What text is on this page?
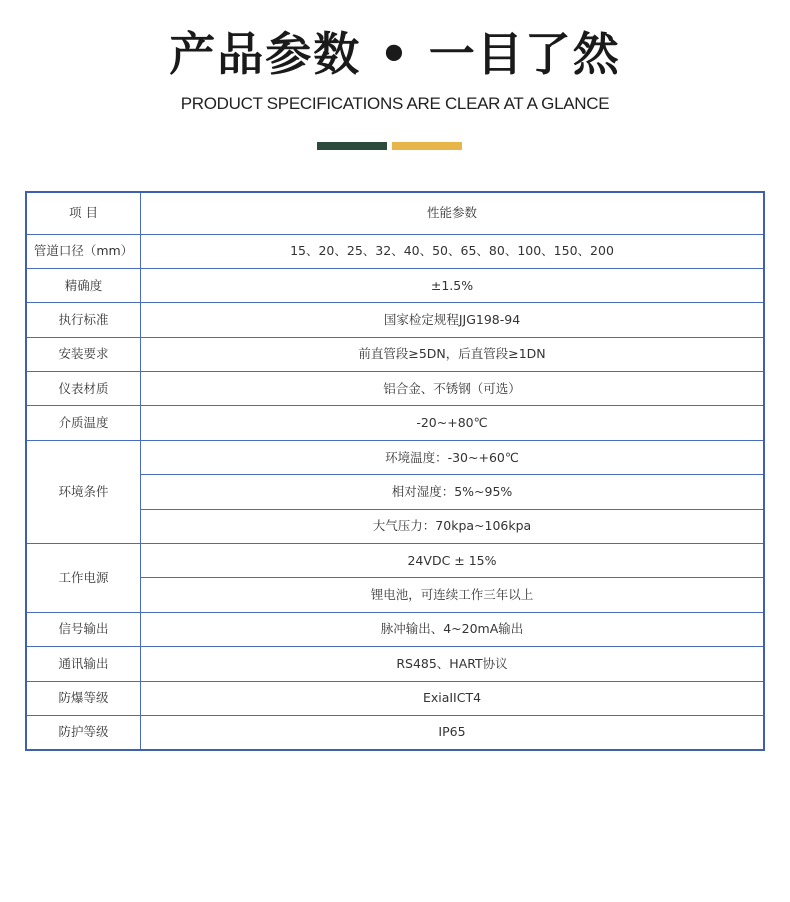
产品参数 • 一目了然
PRODUCT SPECIFICATIONS ARE CLEAR AT A GLANCE
项 目	性能参数
管道口径（mm）	15、20、25、32、40、50、65、80、100、150、200
精确度	±1.5%
执行标准	国家检定规程JJG198-94
安装要求	前直管段≥5DN，后直管段≥1DN
仪表材质	铝合金、不锈钢（可选）
介质温度	-20~+80℃
环境条件	环境温度：-30~+60℃
	相对湿度：5%~95%
	大气压力：70kpa~106kpa
工作电源	24VDC ± 15%
	锂电池，可连续工作三年以上
信号输出	脉冲输出、4~20mA输出
通讯输出	RS485、HART协议
防爆等级	ExiaIICT4
防护等级	IP65
